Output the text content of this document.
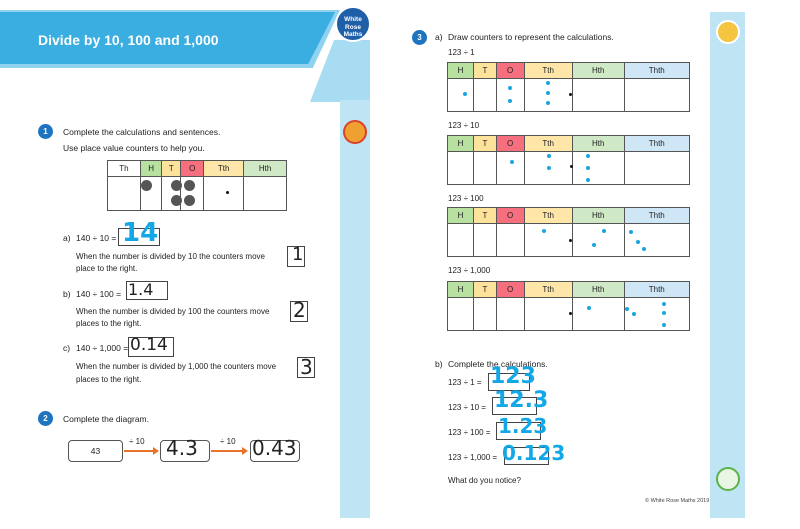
Divide by 10, 100 and 1,000
White
Rose
Maths
1	Complete the calculations and sentences.
Use place value counters to help you.
Th	H	T	O	Tth	Hth

a) 140 ÷ 10 = 14
When the number is divided by 10 the counters move
place to the right.
1
b) 140 ÷ 100 = 1.4
When the number is divided by 100 the counters move
places to the right.
2
c) 140 ÷ 1,000 = 0.14
When the number is divided by 1,000 the counters move
places to the right.
3
2	Complete the diagram.
43
÷ 10 4.3	÷ 10 0.43
3	a) Draw counters to represent the calculations.
123 ÷ 1
H	T	O	Tth	Hth	Thth

123 ÷ 10
H	T	O	Tth	Hth	Thth

123 ÷ 100
H	T	O	Tth	Hth	Thth

123 ÷ 1,000
H	T	O	Tth	Hth	Thth

b) Complete the calculations.
123 ÷ 1 = 123
123 ÷ 10 = 12.3
123 ÷ 100 = 1.23
123 ÷ 1,000 = 0.123
What do you notice?
© White Rose Maths 2019
